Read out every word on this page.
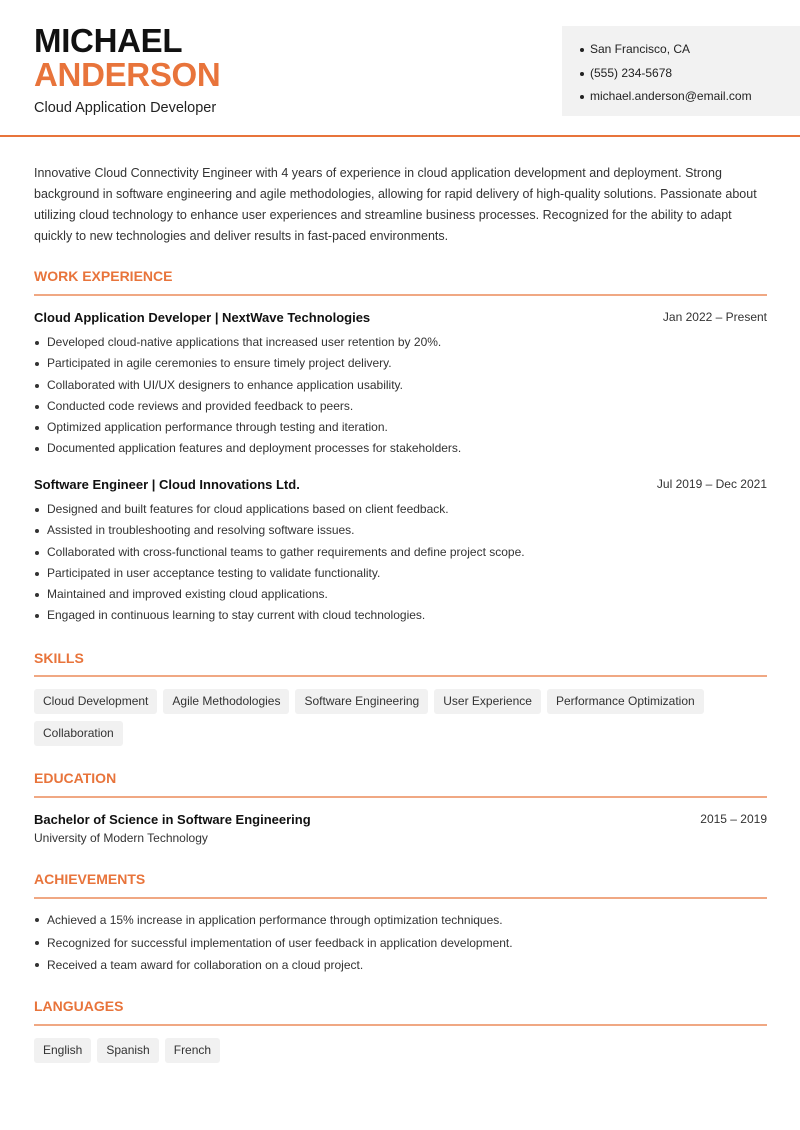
MICHAEL
ANDERSON
Cloud Application Developer
San Francisco, CA
(555) 234-5678
michael.anderson@email.com

Innovative Cloud Connectivity Engineer with 4 years of experience in cloud application development and deployment. Strong background in software engineering and agile methodologies, allowing for rapid delivery of high-quality solutions. Passionate about utilizing cloud technology to enhance user experiences and streamline business processes. Recognized for the ability to adapt quickly to new technologies and deliver results in fast-paced environments.

WORK EXPERIENCE
Cloud Application Developer | NextWave Technologies	Jan 2022 – Present
Developed cloud-native applications that increased user retention by 20%.
Participated in agile ceremonies to ensure timely project delivery.
Collaborated with UI/UX designers to enhance application usability.
Conducted code reviews and provided feedback to peers.
Optimized application performance through testing and iteration.
Documented application features and deployment processes for stakeholders.
Software Engineer | Cloud Innovations Ltd.	Jul 2019 – Dec 2021
Designed and built features for cloud applications based on client feedback.
Assisted in troubleshooting and resolving software issues.
Collaborated with cross-functional teams to gather requirements and define project scope.
Participated in user acceptance testing to validate functionality.
Maintained and improved existing cloud applications.
Engaged in continuous learning to stay current with cloud technologies.
SKILLS
Cloud Development Agile Methodologies Software Engineering User Experience Performance Optimization
Collaboration
EDUCATION
Bachelor of Science in Software Engineering
University of Modern Technology
2015 – 2019
ACHIEVEMENTS
Achieved a 15% increase in application performance through optimization techniques.
Recognized for successful implementation of user feedback in application development.
Received a team award for collaboration on a cloud project.
LANGUAGES
English Spanish French
